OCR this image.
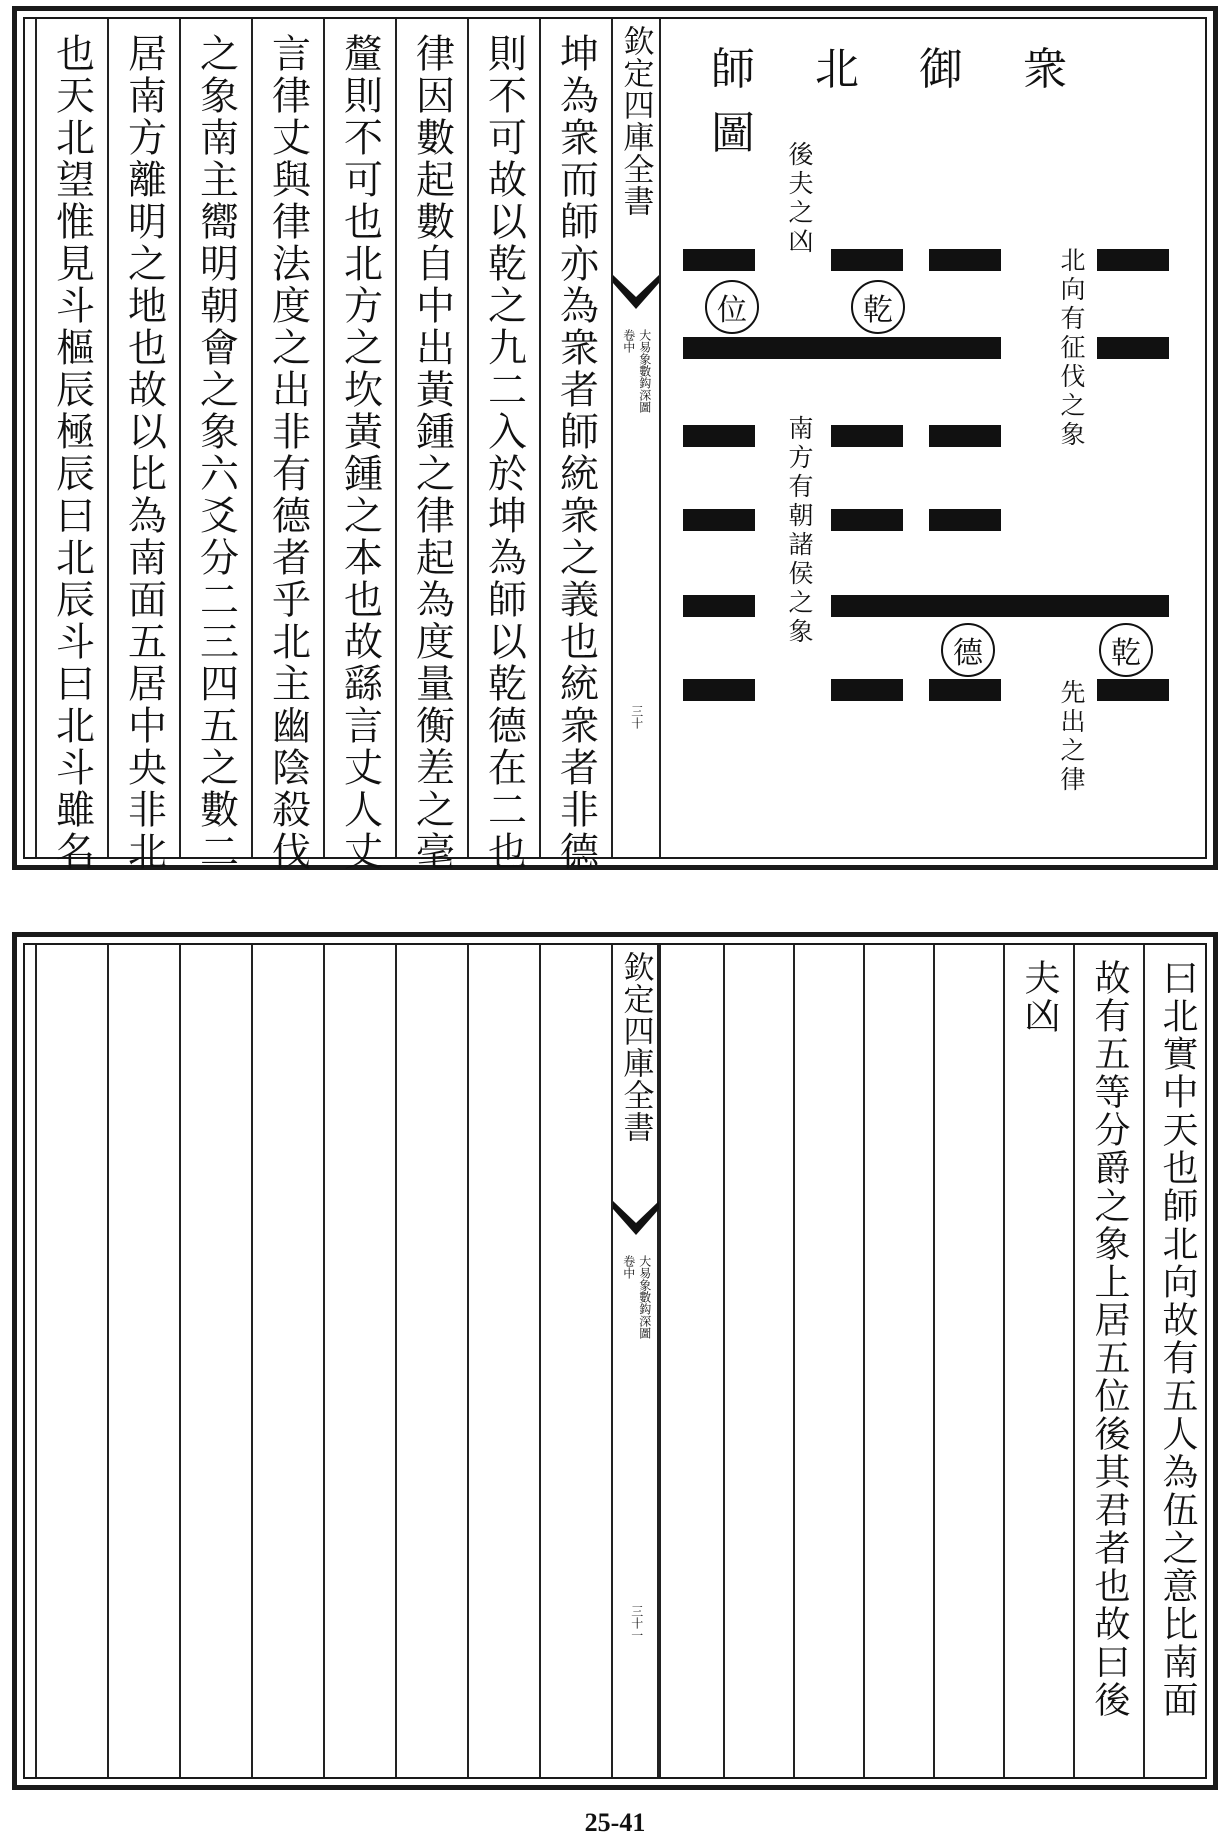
師北御衆圖
後夫之凶
北向有征伐之象
南方有朝諸侯之象
先出之律
位	乾
德	乾
欽定四庫全書
大易象數鈎深圖
卷中
三十
坤為衆而師亦為衆者師統衆之義也統衆者非德
則不可故以乾之九二入於坤為師以乾德在二也
律因數起數自中出黃鍾之律起為度量衡差之毫
釐則不可也北方之坎黃鍾之本也故繇言丈人丈
言律丈與律法度之出非有德者乎北主幽陰殺伐
之象南主嚮明朝會之象六爻分二三四五之數二
居南方離明之地也故以比為南面五居中央非北
也天北望惟見斗樞辰極辰曰北辰斗曰北斗雖名
曰北實中天也師北向故有五人為伍之意比南面
故有五等分爵之象上居五位後其君者也故曰後
夫凶
欽定四庫全書
大易象數鈎深圖
卷中
三十一
25-41
